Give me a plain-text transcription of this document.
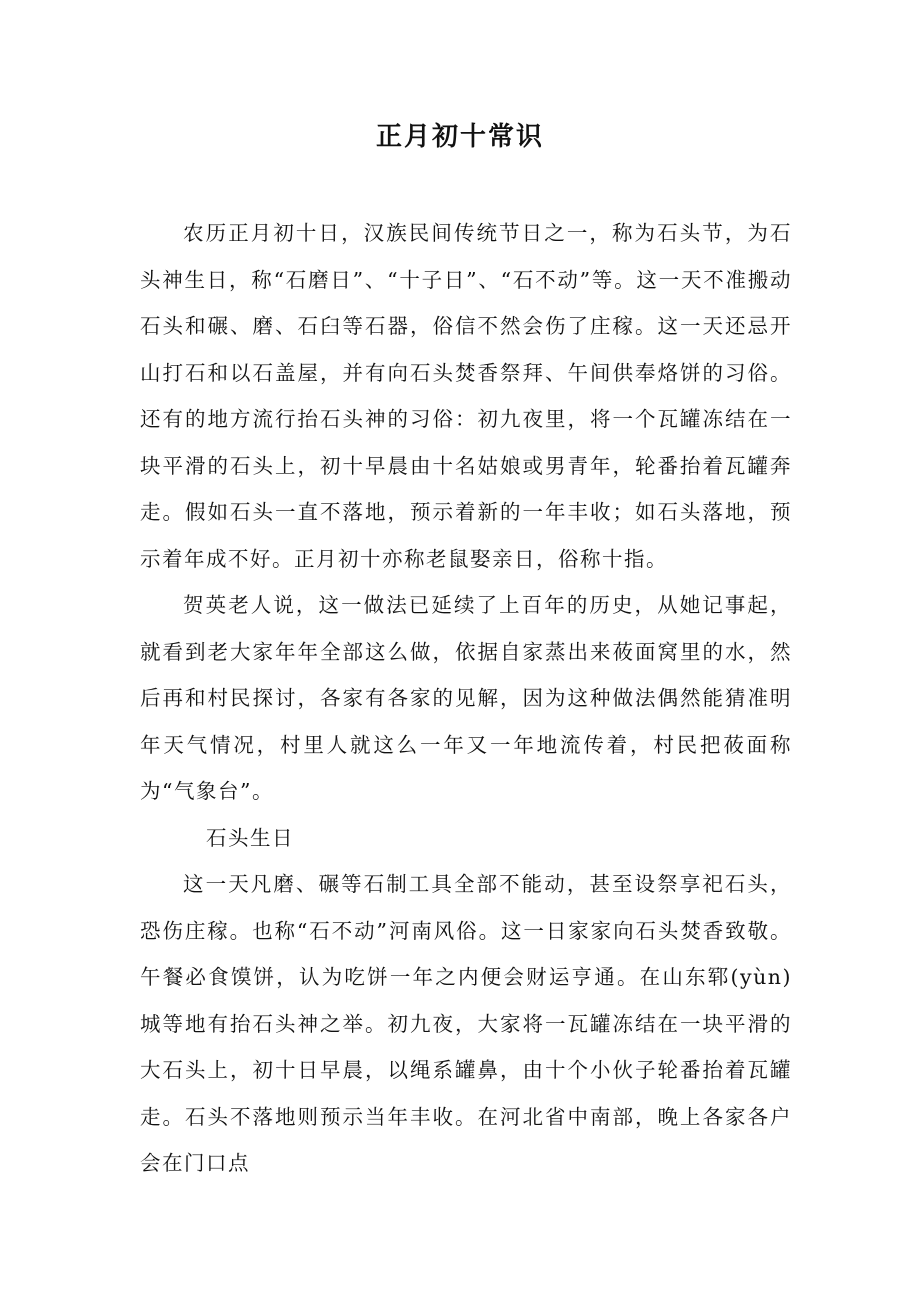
正月初十常识

农历正月初十日，汉族民间传统节日之一，称为石头节，为石头神生日，称“石磨日”、“十子日”、“石不动”等。这一天不准搬动石头和碾、磨、石臼等石器，俗信不然会伤了庄稼。这一天还忌开山打石和以石盖屋，并有向石头焚香祭拜、午间供奉烙饼的习俗。还有的地方流行抬石头神的习俗：初九夜里，将一个瓦罐冻结在一块平滑的石头上，初十早晨由十名姑娘或男青年，轮番抬着瓦罐奔走。假如石头一直不落地，预示着新的一年丰收；如石头落地，预示着年成不好。正月初十亦称老鼠娶亲日，俗称十指。

贺英老人说，这一做法已延续了上百年的历史，从她记事起，就看到老大家年年全部这么做，依据自家蒸出来莜面窝里的水，然后再和村民探讨，各家有各家的见解，因为这种做法偶然能猜准明年天气情况，村里人就这么一年又一年地流传着，村民把莜面称为“气象台”。

石头生日

这一天凡磨、碾等石制工具全部不能动，甚至设祭享祀石头，恐伤庄稼。也称“石不动”河南风俗。这一日家家向石头焚香致敬。午餐必食馍饼，认为吃饼一年之内便会财运亨通。在山东郓(yùn)城等地有抬石头神之举。初九夜，大家将一瓦罐冻结在一块平滑的大石头上，初十日早晨，以绳系罐鼻，由十个小伙子轮番抬着瓦罐走。石头不落地则预示当年丰收。在河北省中南部，晚上各家各户会在门口点
